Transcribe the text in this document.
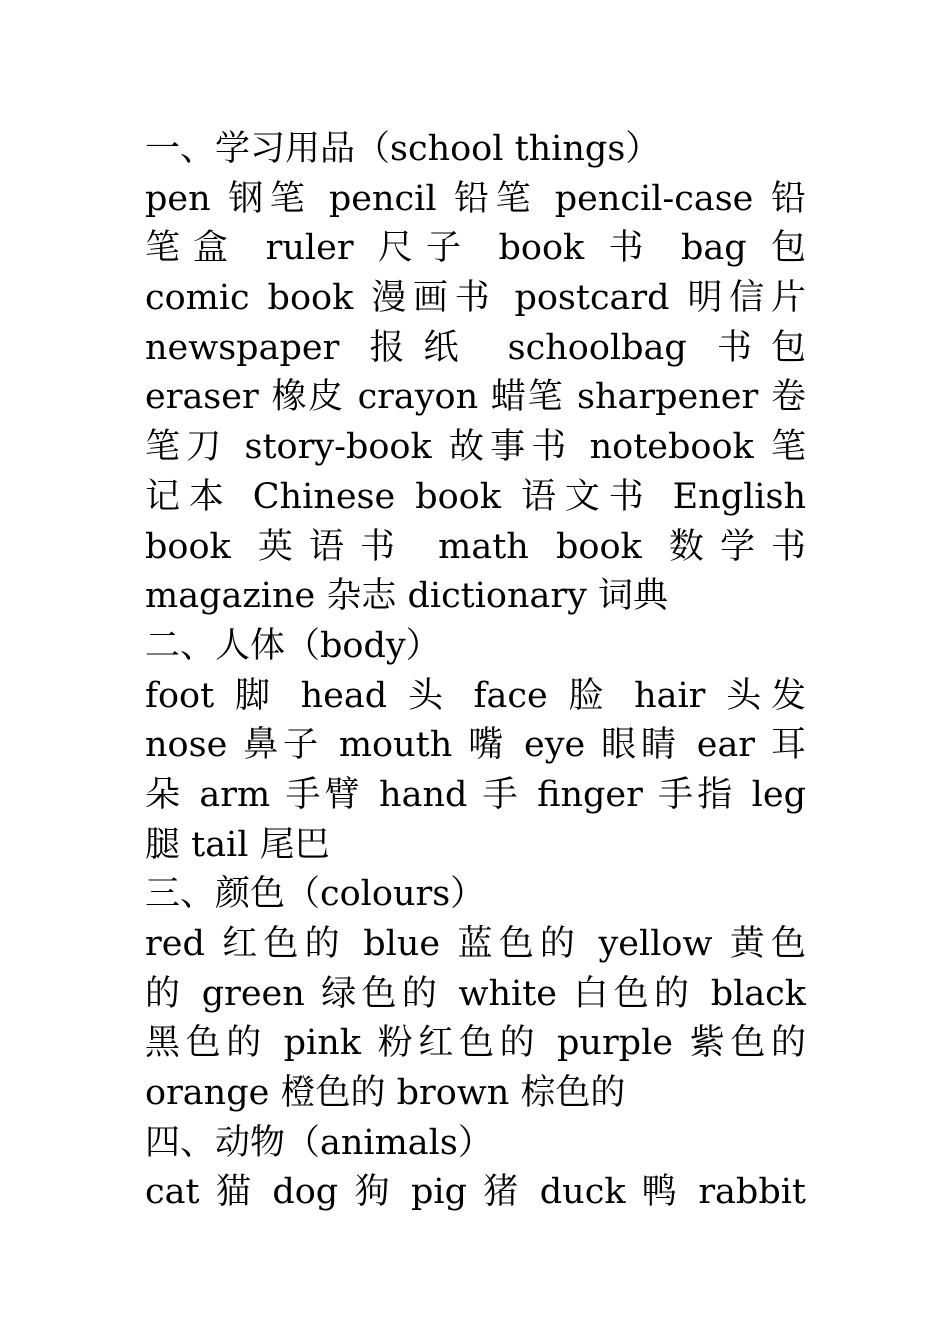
一、学习用品（school things）
pen 钢笔 pencil 铅笔 pencil-case 铅
笔盒 ruler 尺子 book 书 bag 包
comic book 漫画书 postcard 明信片
newspaper 报纸 schoolbag 书包
eraser 橡皮 crayon 蜡笔 sharpener 卷
笔刀 story-book 故事书 notebook 笔
记本 Chinese book 语文书 English
book 英语书 math book 数学书
magazine 杂志 dictionary 词典
二、人体（body）
foot 脚 head 头 face 脸 hair 头发
nose 鼻子 mouth 嘴 eye 眼睛 ear 耳
朵 arm 手臂 hand 手 finger 手指 leg
腿 tail 尾巴
三、颜色（colours）
red 红色的 blue 蓝色的 yellow 黄色
的 green 绿色的 white 白色的 black
黑色的 pink 粉红色的 purple 紫色的
orange 橙色的 brown 棕色的
四、动物（animals）
cat 猫 dog 狗 pig 猪 duck 鸭 rabbit
